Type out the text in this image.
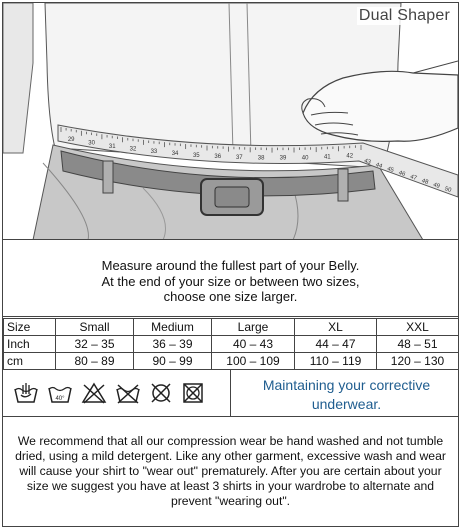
29
30
31 32 33 34 35 36 37	38	39	40	41	42
43
44
45
46
47
48
49
50
Dual Shaper

Measure around the fullest part of your Belly.

At the end of your size or between two sizes,

choose one size larger.

Size	Small	Medium	Large	XL	XXL
Inch	32 – 35	36 – 39	40 – 43	44 – 47	48 – 51
cm	80 – 89	90 – 99	100 – 109	110 – 119	120 – 130
40°
Maintaining your corrective
underwear.

We recommend that all our compression wear be hand washed and not tumble dried, using a mild detergent. Like any other garment, excessive wash and wear will cause your shirt to "wear out" prematurely. After you are certain about your size we suggest you have at least 3 shirts in your wardrobe to alternate and prevent "wearing out".
